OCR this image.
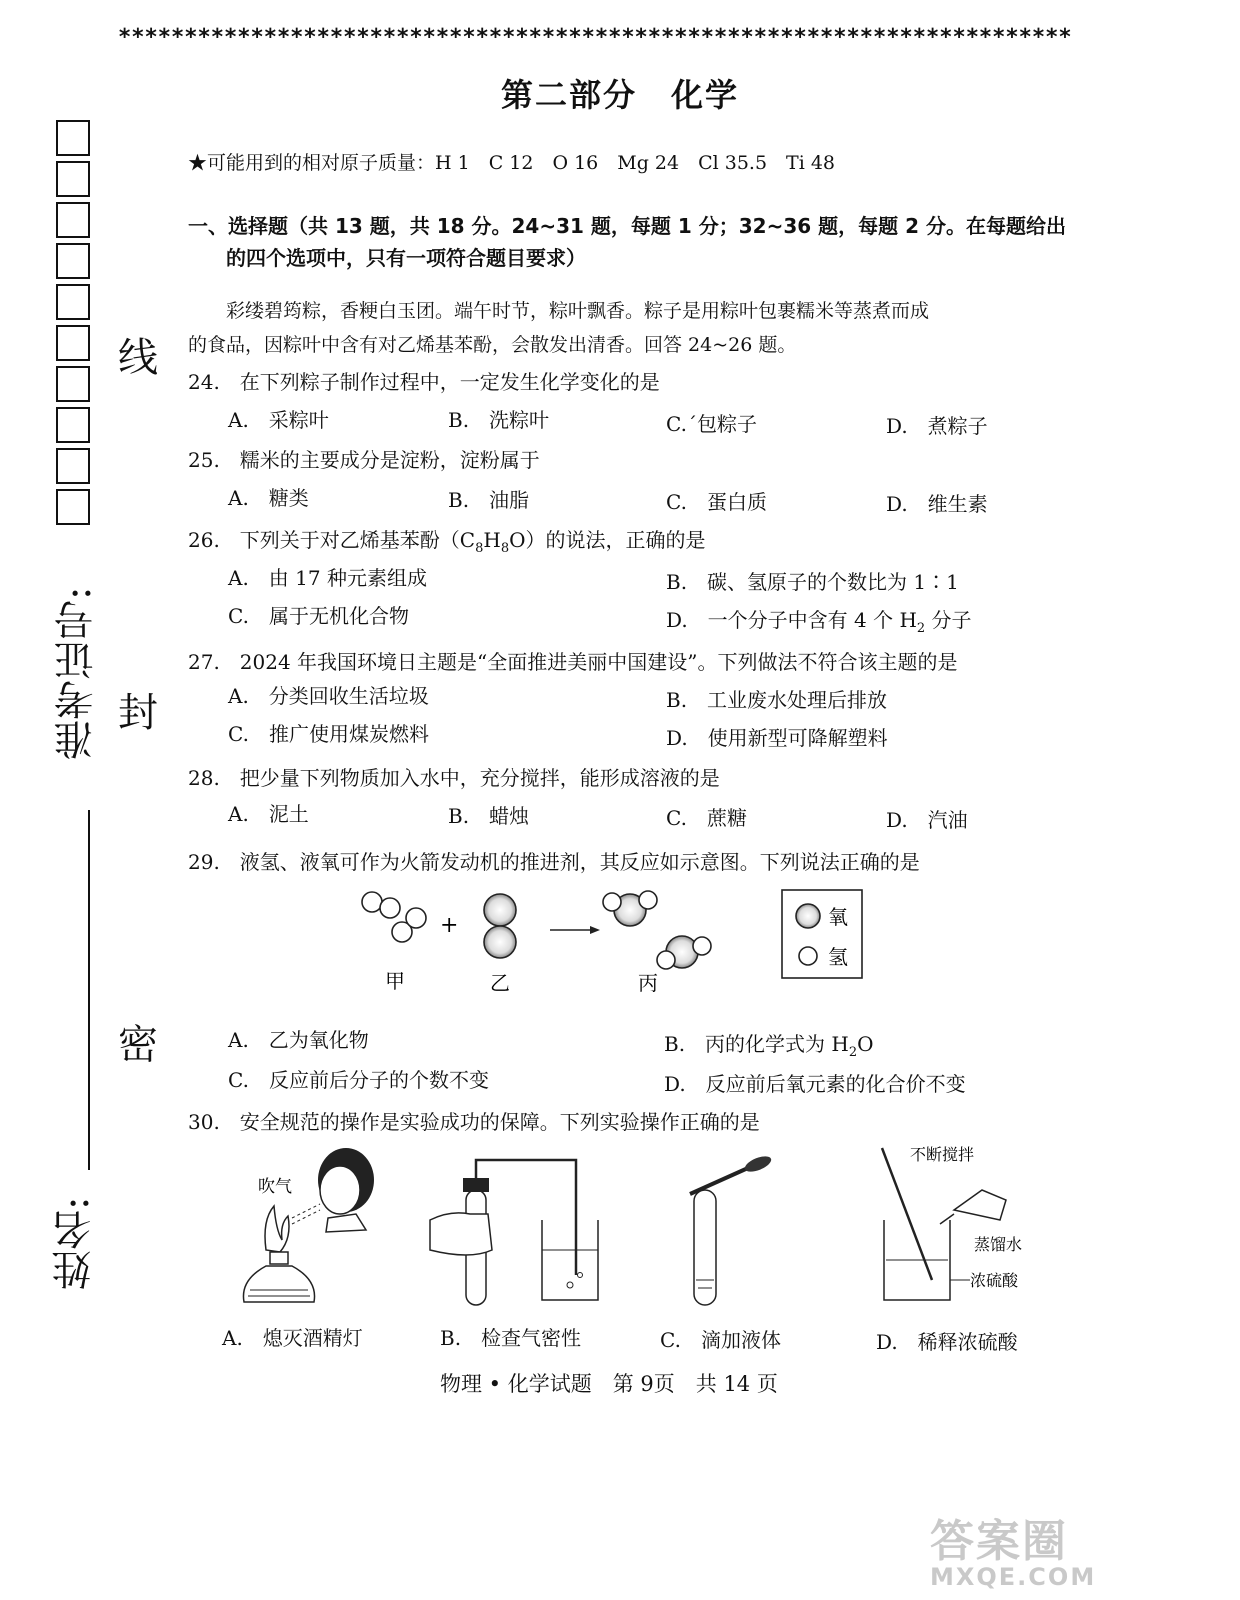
************************************************************************
线
封
密
准考证号:
姓名:
第二部分　化学
★可能用到的相对原子质量：H 1　C 12　O 16　Mg 24　Cl 35.5　Ti 48
一、选择题（共 13 题，共 18 分。24~31 题，每题 1 分；32~36 题，每题 2 分。在每题给出
的四个选项中，只有一项符合题目要求）
彩缕碧筠粽，香粳白玉团。端午时节，粽叶飘香。粽子是用粽叶包裹糯米等蒸煮而成
的食品，因粽叶中含有对乙烯基苯酚，会散发出清香。回答 24~26 题。
24.　在下列粽子制作过程中，一定发生化学变化的是
A.　采粽叶	B.　洗粽叶	C.ˊ包粽子	D.　煮粽子
25.　糯米的主要成分是淀粉，淀粉属于
A.　糖类	B.　油脂	C.　蛋白质	D.　维生素
26.　下列关于对乙烯基苯酚$(C_8H_8O)$的说法，正确的是
A.　由 17 种元素组成	B.　碳、氢原子的个数比为 1∶1
C.　属于无机化合物	D.　一个分子中含有 4 个 $H_2$ 分子
27.　2024 年我国环境日主题是“全面推进美丽中国建设”。下列做法不符合该主题的是
A.　分类回收生活垃圾	B.　工业废水处理后排放
C.　推广使用煤炭燃料	D.　使用新型可降解塑料
28.　把少量下列物质加入水中，充分搅拌，能形成溶液的是
A.　泥土	B.　蜡烛	C.　蔗糖	D.　汽油
29.　液氢、液氧可作为火箭发动机的推进剂，其反应如示意图。下列说法正确的是
+	氧
氢
甲	乙	丙
A.　乙为氧化物	B.　丙的化学式为 $H_2O$
C.　反应前后分子的个数不变	D.　反应前后氧元素的化合价不变
30.　安全规范的操作是实验成功的保障。下列实验操作正确的是
吹气
不断搅拌
蒸馏水
浓硫酸
A.　熄灭酒精灯	B.　检查气密性	C.　滴加液体	D.　稀释浓硫酸
物理 • 化学试题　第 9页　共 14 页
答案圈
MXQE.COM
